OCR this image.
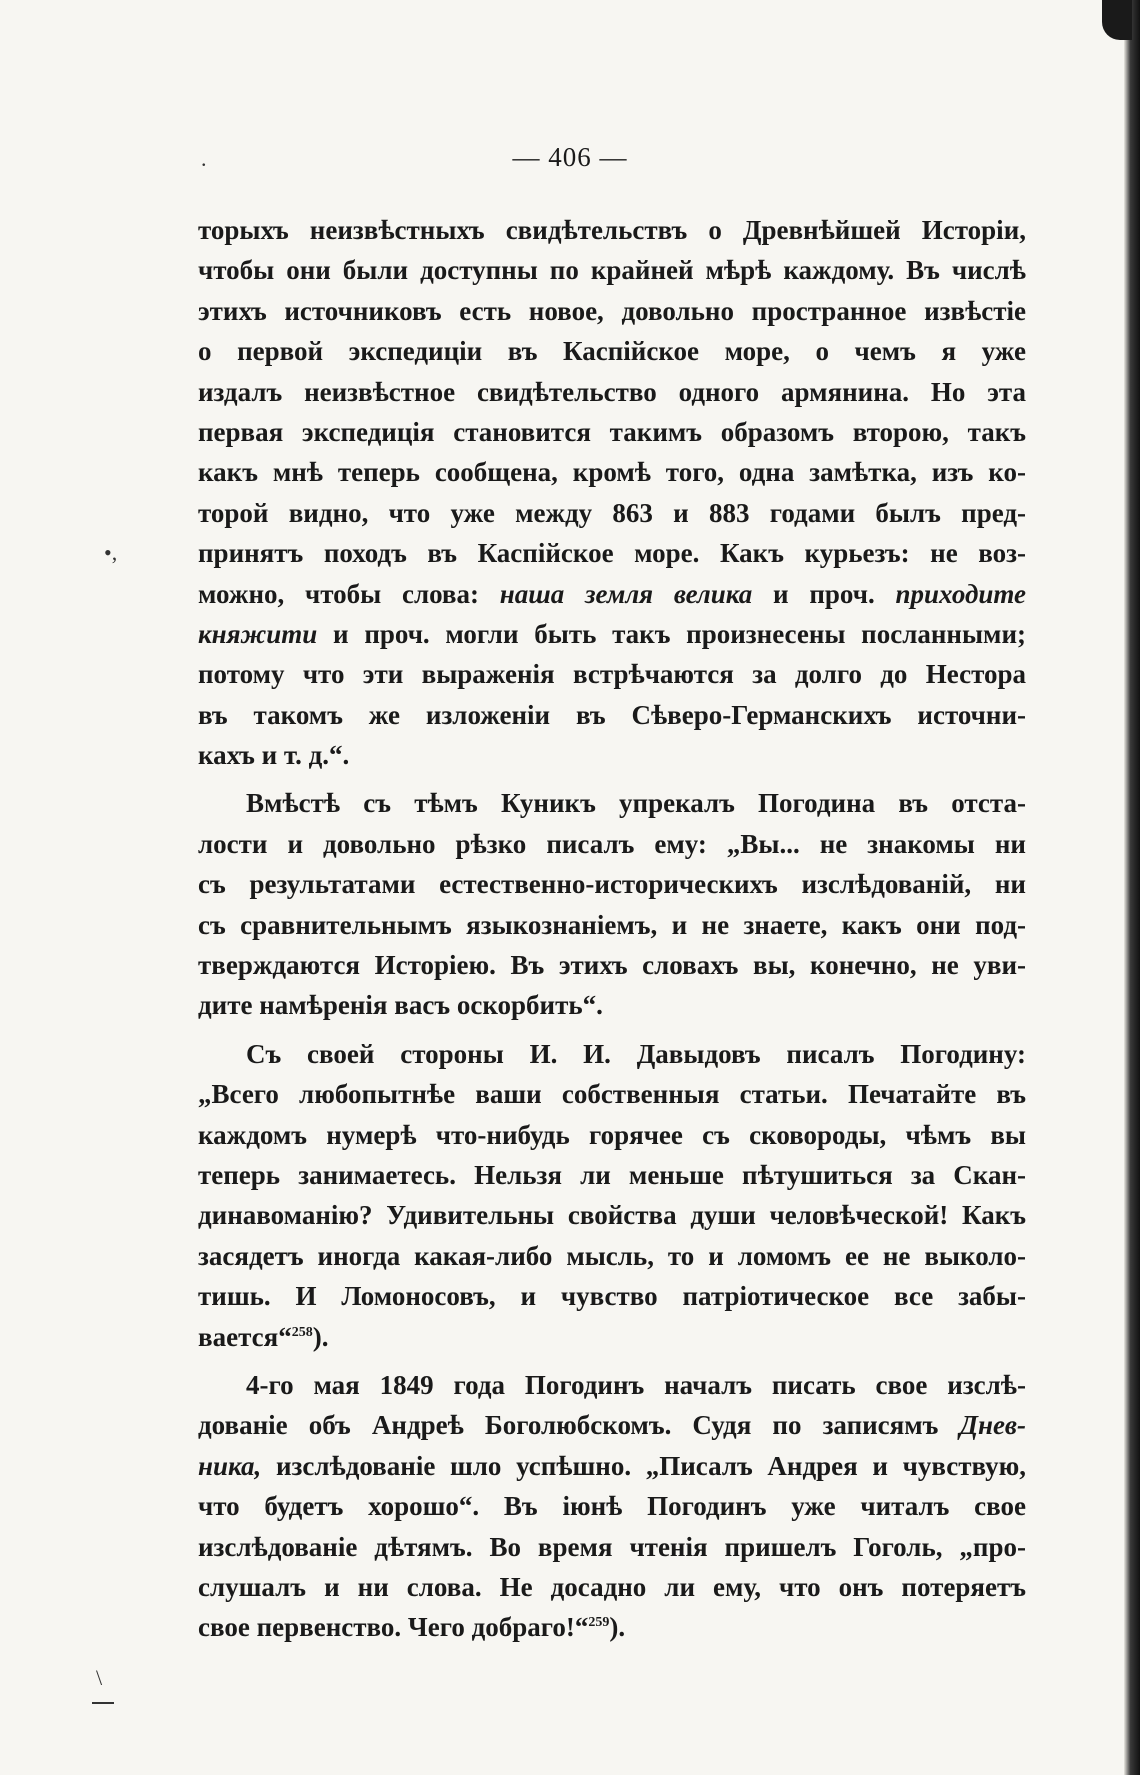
.
•,
\
— 406 —
торыхъ неизвѣстныхъ свидѣтельствъ о Древнѣйшей Исторіи,
чтобы они были доступны по крайней мѣрѣ каждому. Въ числѣ
этихъ источниковъ есть новое, довольно пространное извѣстіе
о первой экспедиціи въ Каспійское море, о чемъ я уже
издалъ неизвѣстное свидѣтельство одного армянина. Но эта
первая экспедиція становится такимъ образомъ второю, такъ
какъ мнѣ теперь сообщена, кромѣ того, одна замѣтка, изъ ко-
торой видно, что уже между 863 и 883 годами былъ пред-
принятъ походъ въ Каспійское море. Какъ курьезъ: не воз-
можно, чтобы слова: наша земля велика и проч. приходите
княжити и проч. могли быть такъ произнесены посланными;
потому что эти выраженія встрѣчаются за долго до Нестора
въ такомъ же изложеніи въ Сѣверо-Германскихъ источни-
кахъ и т. д.“.
Вмѣстѣ съ тѣмъ Куникъ упрекалъ Погодина въ отста-
лости и довольно рѣзко писалъ ему: „Вы... не знакомы ни
съ результатами естественно-историческихъ изслѣдованій, ни
съ сравнительнымъ языкознаніемъ, и не знаете, какъ они под-
тверждаются Исторіею. Въ этихъ словахъ вы, конечно, не уви-
дите намѣренія васъ оскорбить“.
Съ своей стороны И. И. Давыдовъ писалъ Погодину:
„Всего любопытнѣе ваши собственныя статьи. Печатайте въ
каждомъ нумерѣ что-нибудь горячее съ сковороды, чѣмъ вы
теперь занимаетесь. Нельзя ли меньше пѣтушиться за Скан-
динавоманію? Удивительны свойства души человѣческой! Какъ
засядетъ иногда какая-либо мысль, то и ломомъ ее не выколо-
тишь. И Ломоносовъ, и чувство патріотическое все забы-
вается“$^{258}$).
4-го мая 1849 года Погодинъ началъ писать свое изслѣ-
дованіе объ Андреѣ Боголюбскомъ. Судя по записямъ Днев-
ника, изслѣдованіе шло успѣшно. „Писалъ Андрея и чувствую,
что будетъ хорошо“. Въ іюнѣ Погодинъ уже читалъ свое
изслѣдованіе дѣтямъ. Во время чтенія пришелъ Гоголь, „про-
слушалъ и ни слова. Не досадно ли ему, что онъ потеряетъ
свое первенство. Чего добраго!“$^{259}$).
